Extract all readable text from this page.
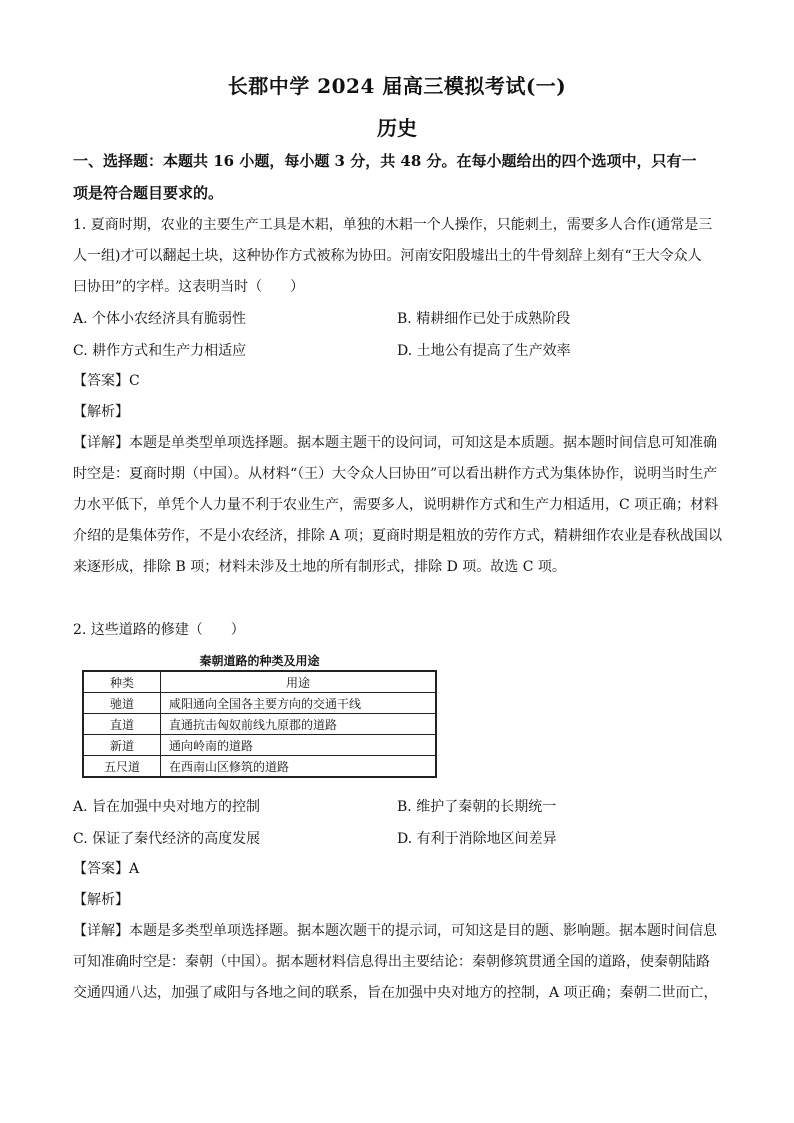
长郡中学 2024 届高三模拟考试(一)
历史
一、选择题：本题共 16 小题，每小题 3 分，共 48 分。在每小题给出的四个选项中，只有一
项是符合题目要求的。
1. 夏商时期，农业的主要生产工具是木耜，单独的木耜一个人操作，只能刺土，需要多人合作(通常是三
人一组)才可以翻起土块，这种协作方式被称为协田。河南安阳殷墟出土的牛骨刻辞上刻有“王大令众人
曰协田”的字样。这表明当时（　　）
A. 个体小农经济具有脆弱性	B. 精耕细作已处于成熟阶段
C. 耕作方式和生产力相适应	D. 土地公有提高了生产效率
【答案】C
【解析】
【详解】本题是单类型单项选择题。据本题主题干的设问词，可知这是本质题。据本题时间信息可知准确
时空是：夏商时期（中国）。从材料“（王）大令众人曰协田”可以看出耕作方式为集体协作，说明当时生产
力水平低下，单凭个人力量不利于农业生产，需要多人，说明耕作方式和生产力相适用，C 项正确；材料
介绍的是集体劳作，不是小农经济，排除 A 项；夏商时期是粗放的劳作方式，精耕细作农业是春秋战国以
来逐形成，排除 B 项；材料未涉及土地的所有制形式，排除 D 项。故选 C 项。
2. 这些道路的修建（　　）
秦朝道路的种类及用途
种类	用途
驰道	咸阳通向全国各主要方向的交通干线
直道	直通抗击匈奴前线九原郡的道路
新道	通向岭南的道路
五尺道	在西南山区修筑的道路
A. 旨在加强中央对地方的控制	B. 维护了秦朝的长期统一
C. 保证了秦代经济的高度发展	D. 有利于消除地区间差异
【答案】A
【解析】
【详解】本题是多类型单项选择题。据本题次题干的提示词，可知这是目的题、影响题。据本题时间信息
可知准确时空是：秦朝（中国）。据本题材料信息得出主要结论：秦朝修筑贯通全国的道路，使秦朝陆路
交通四通八达，加强了咸阳与各地之间的联系，旨在加强中央对地方的控制，A 项正确；秦朝二世而亡，
